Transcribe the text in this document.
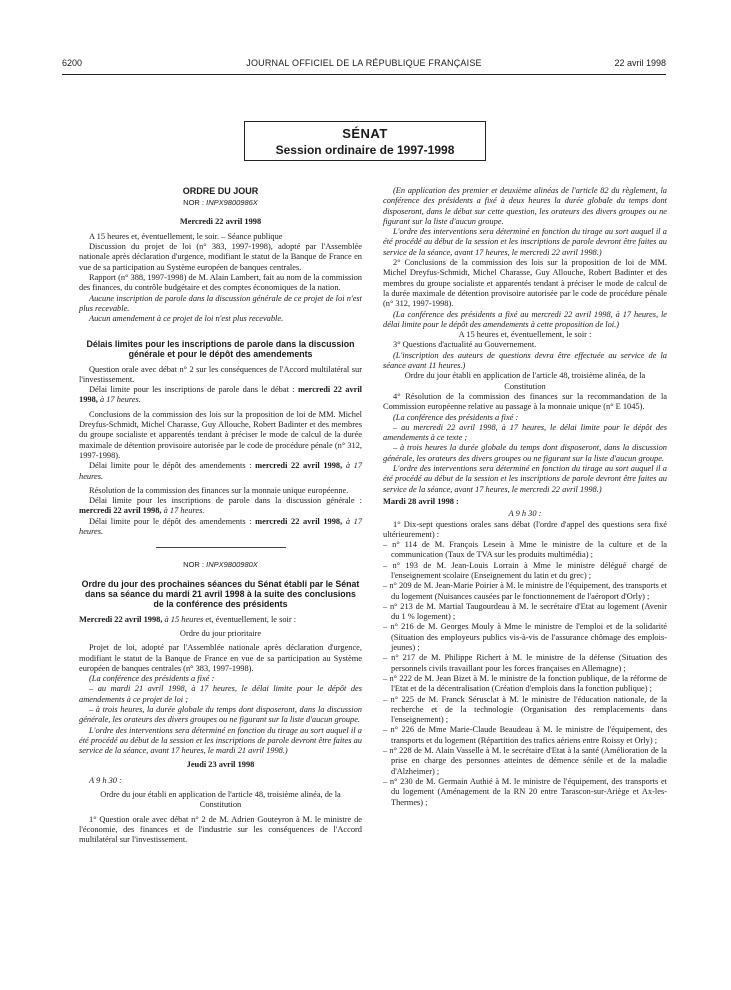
6200	JOURNAL OFFICIEL DE LA RÉPUBLIQUE FRANÇAISE	22 avril 1998
SÉNAT
Session ordinaire de 1997-1998
ORDRE DU JOUR
NOR : INPX9800986X
Mercredi 22 avril 1998

A 15 heures et, éventuellement, le soir. – Séance publique

Discussion du projet de loi (n° 383, 1997-1998), adopté par l'Assemblée nationale après déclaration d'urgence, modifiant le statut de la Banque de France en vue de sa participation au Système européen de banques centrales.

Rapport (n° 388, 1997-1998) de M. Alain Lambert, fait au nom de la commission des finances, du contrôle budgétaire et des comptes économiques de la nation.

Aucune inscription de parole dans la discussion générale de ce projet de loi n'est plus recevable.

Aucun amendement à ce projet de loi n'est plus recevable.

Délais limites pour les inscriptions de parole dans la discussion générale et pour le dépôt des amendements

Question orale avec débat n° 2 sur les conséquences de l'Accord multilatéral sur l'investissement.

Délai limite pour les inscriptions de parole dans le débat : mercredi 22 avril 1998, à 17 heures.

Conclusions de la commission des lois sur la proposition de loi de MM. Michel Dreyfus-Schmidt, Michel Charasse, Guy Allouche, Robert Badinter et des membres du groupe socialiste et apparentés tendant à préciser le mode de calcul de la durée maximale de détention provisoire autorisée par le code de procédure pénale (n° 312, 1997-1998).

Délai limite pour le dépôt des amendements : mercredi 22 avril 1998, à 17 heures.

Résolution de la commission des finances sur la monnaie unique européenne.

Délai limite pour les inscriptions de parole dans la discussion générale : mercredi 22 avril 1998, à 17 heures.

Délai limite pour le dépôt des amendements : mercredi 22 avril 1998, à 17 heures.

NOR : INPX9800980X
Ordre du jour des prochaines séances du Sénat établi par le Sénat dans sa séance du mardi 21 avril 1998 à la suite des conclusions de la conférence des présidents

Mercredi 22 avril 1998, à 15 heures et, éventuellement, le soir :

Ordre du jour prioritaire

Projet de loi, adopté par l'Assemblée nationale après déclaration d'urgence, modifiant le statut de la Banque de France en vue de sa participation au Système européen de banques centrales (n° 383, 1997-1998).

(La conférence des présidents a fixé :

– au mardi 21 avril 1998, à 17 heures, le délai limite pour le dépôt des amendements à ce projet de loi ;

– à trois heures, la durée globale du temps dont disposeront, dans la discussion générale, les orateurs des divers groupes ou ne figurant sur la liste d'aucun groupe.

L'ordre des interventions sera déterminé en fonction du tirage au sort auquel il a été procédé au début de la session et les inscriptions de parole devront être faites au service de la séance, avant 17 heures, le mardi 21 avril 1998.)

Jeudi 23 avril 1998

A 9 h 30 :

Ordre du jour établi en application de l'article 48, troisième alinéa, de la Constitution

1° Question orale avec débat n° 2 de M. Adrien Gouteyron à M. le ministre de l'économie, des finances et de l'industrie sur les conséquences de l'Accord multilatéral sur l'investissement.

(En application des premier et deuxième alinéas de l'article 82 du règlement, la conférence des présidents a fixé à deux heures la durée globale du temps dont disposeront, dans le débat sur cette question, les orateurs des divers groupes ou ne figurant sur la liste d'aucun groupe.

L'ordre des interventions sera déterminé en fonction du tirage au sort auquel il a été procédé au début de la session et les inscriptions de parole devront être faites au service de la séance, avant 17 heures, le mercredi 22 avril 1998.)

2° Conclusions de la commission des lois sur la proposition de loi de MM. Michel Dreyfus-Schmidt, Michel Charasse, Guy Allouche, Robert Badinter et des membres du groupe socialiste et apparentés tendant à préciser le mode de calcul de la durée maximale de détention provisoire autorisée par le code de procédure pénale (n° 312, 1997-1998).

(La conférence des présidents a fixé au mercredi 22 avril 1998, à 17 heures, le délai limite pour le dépôt des amendements à cette proposition de loi.)

A 15 heures et, éventuellement, le soir :

3° Questions d'actualité au Gouvernement.

(L'inscription des auteurs de questions devra être effectuée au service de la séance avant 11 heures.)

Ordre du jour établi en application de l'article 48, troisième alinéa, de la Constitution

4° Résolution de la commission des finances sur la recommandation de la Commission européenne relative au passage à la monnaie unique (n° E 1045).

(La conférence des présidents a fixé :

– au mercredi 22 avril 1998, à 17 heures, le délai limite pour le dépôt des amendements à ce texte ;

– à trois heures la durée globale du temps dont disposeront, dans la discussion générale, les orateurs des divers groupes ou ne figurant sur la liste d'aucun groupe.

L'ordre des interventions sera déterminé en fonction du tirage au sort auquel il a été procédé au début de la session et les inscriptions de parole devront être faites au service de la séance, avant 17 heures, le mercredi 22 avril 1998.)

Mardi 28 avril 1998 :

A 9 h 30 :

1° Dix-sept questions orales sans débat (l'ordre d'appel des questions sera fixé ultérieurement) :

– n° 114 de M. François Lesein à Mme le ministre de la culture et de la communication (Taux de TVA sur les produits multimédia) ;

– n° 193 de M. Jean-Louis Lorrain à Mme le ministre délégué chargé de l'enseignement scolaire (Enseignement du latin et du grec) ;

– n° 209 de M. Jean-Marie Poirier à M. le ministre de l'équipement, des transports et du logement (Nuisances causées par le fonctionnement de l'aéroport d'Orly) ;

– n° 213 de M. Martial Taugourdeau à M. le secrétaire d'Etat au logement (Avenir du 1 % logement) ;

– n° 216 de M. Georges Mouly à Mme le ministre de l'emploi et de la solidarité (Situation des employeurs publics vis-à-vis de l'assurance chômage des emplois-jeunes) ;

– n° 217 de M. Philippe Richert à M. le ministre de la défense (Situation des personnels civils travaillant pour les forces françaises en Allemagne) ;

– n° 222 de M. Jean Bizet à M. le ministre de la fonction publique, de la réforme de l'Etat et de la décentralisation (Création d'emplois dans la fonction publique) ;

– n° 225 de M. Franck Sérusclat à M. le ministre de l'éducation nationale, de la recherche et de la technologie (Organisation des remplacements dans l'enseignement) ;

– n° 226 de Mme Marie-Claude Beaudeau à M. le ministre de l'équipement, des transports et du logement (Répartition des trafics aériens entre Roissy et Orly) ;

– n° 228 de M. Alain Vasselle à M. le secrétaire d'Etat à la santé (Amélioration de la prise en charge des personnes atteintes de démence sénile et de la maladie d'Alzheimer) ;

– n° 230 de M. Germain Authié à M. le ministre de l'équipement, des transports et du logement (Aménagement de la RN 20 entre Tarascon-sur-Ariège et Ax-les-Thermes) ;
